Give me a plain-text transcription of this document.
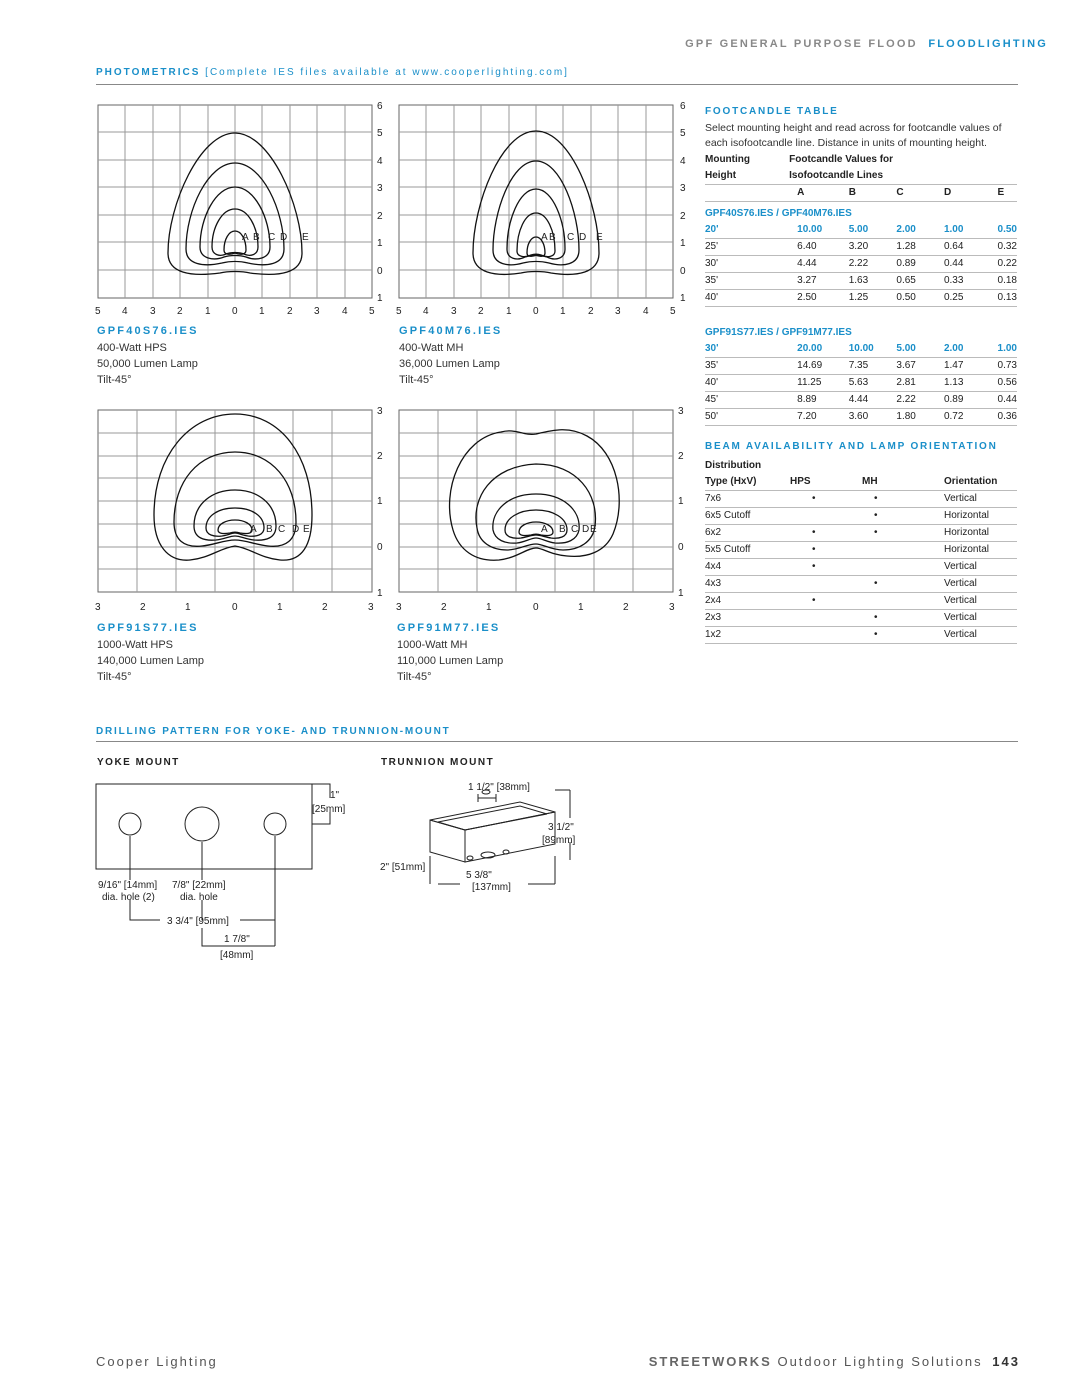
GPF GENERAL PURPOSE FLOOD FLOODLIGHTING
PHOTOMETRICS [Complete IES files available at www.cooperlighting.com]
A B C D E
6
5
4
3
2
1
0
1
5 4 3 2 1 0 1 2 3 4 5
A B C D E
6
5
4
3
2
1
0
1
5 4 3 2 1 0 1 2 3 4 5
GPF40S76.IES
400-Watt HPS
50,000 Lumen Lamp
Tilt-45°
GPF40M76.IES
400-Watt MH
36,000 Lumen Lamp
Tilt-45°
A B C D E
3
2
1
0
1
3	2	1	0	1	2	3
A B C D E
3
2
1
0
1
3	2	1	0	1	2	3
GPF91S77.IES
1000-Watt HPS
140,000 Lumen Lamp
Tilt-45°
GPF91M77.IES
1000-Watt MH
110,000 Lumen Lamp
Tilt-45°
FOOTCANDLE TABLE
Select mounting height and read across for footcandle values of each isofootcandle line. Distance in units of mounting height.
Mounting	Footcandle Values for				
Height	Isofootcandle Lines				
	A	B	C	D	E
GPF40S76.IES / GPF40M76.IES					
20'	10.00	5.00	2.00	1.00	0.50
25'	6.40	3.20	1.28	0.64	0.32
30'	4.44	2.22	0.89	0.44	0.22
35'	3.27	1.63	0.65	0.33	0.18
40'	2.50	1.25	0.50	0.25	0.13
GPF91S77.IES / GPF91M77.IES					
30'	20.00	10.00	5.00	2.00	1.00
35'	14.69	7.35	3.67	1.47	0.73
40'	11.25	5.63	2.81	1.13	0.56
45'	8.89	4.44	2.22	0.89	0.44
50'	7.20	3.60	1.80	0.72	0.36
BEAM AVAILABILITY AND LAMP ORIENTATION
Distribution			
Type (HxV)	HPS	MH	Orientation
7x6	•	•	Vertical
6x5 Cutoff		•	Horizontal
6x2	•	•	Horizontal
5x5 Cutoff	•		Horizontal
4x4	•		Vertical
4x3		•	Vertical
2x4	•		Vertical
2x3		•	Vertical
1x2		•	Vertical
DRILLING PATTERN FOR YOKE- AND TRUNNION-MOUNT
YOKE MOUNT	TRUNNION MOUNT
1"
[25mm]
9/16" [14mm]
dia. hole (2)
7/8" [22mm]
dia. hole
3 3/4" [95mm]
1 7/8"
[48mm]
1 1/2" [38mm]
3 1/2"
[89mm]
2" [51mm]
5 3/8"
[137mm]
Cooper Lighting	STREETWORKS Outdoor Lighting Solutions 143
